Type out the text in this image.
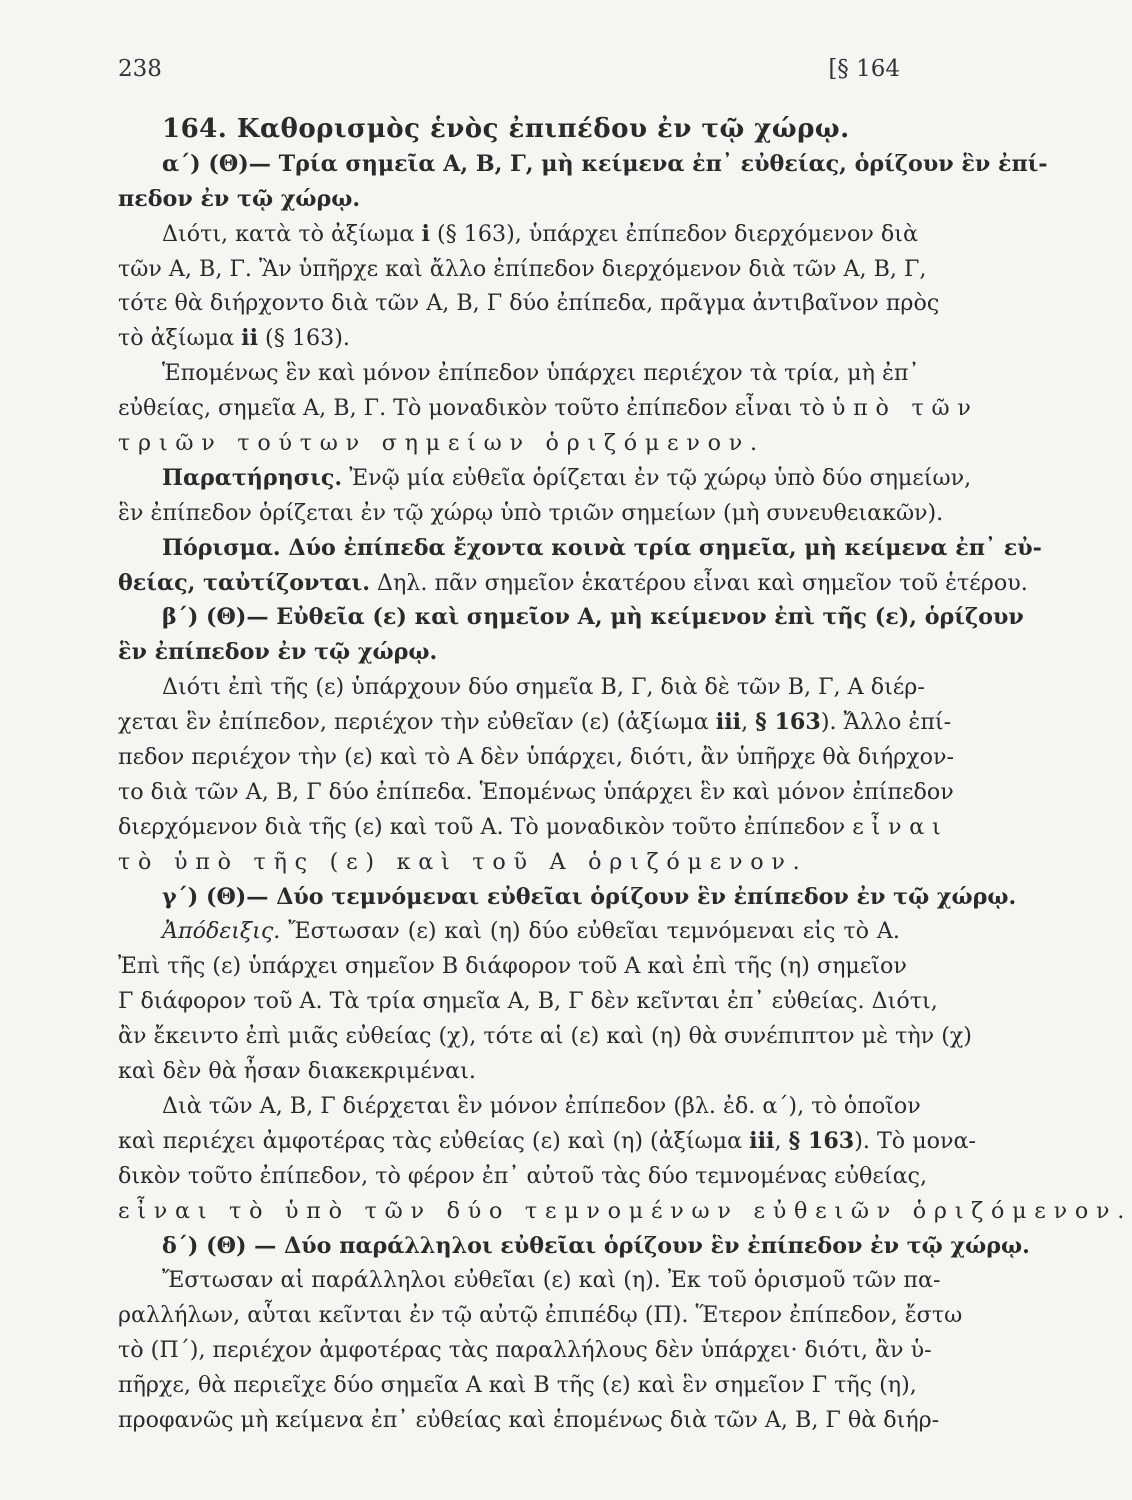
238	[§ 164
164. Καθορισμὸς ἑνὸς ἐπιπέδου ἐν τῷ χώρῳ.
α΄) (Θ)— Τρία σημεῖα Α, Β, Γ, μὴ κείμενα ἐπ᾽ εὐθείας, ὁρίζουν ἓν ἐπί-
πεδον ἐν τῷ χώρῳ.
Διότι, κατὰ τὸ ἀξίωμα i (§ 163), ὑπάρχει ἐπίπεδον διερχόμενον διὰ
τῶν Α, Β, Γ. Ἂν ὑπῆρχε καὶ ἄλλο ἐπίπεδον διερχόμενον διὰ τῶν Α, Β, Γ,
τότε θὰ διήρχοντο διὰ τῶν Α, Β, Γ δύο ἐπίπεδα, πρᾶγμα ἀντιβαῖνον πρὸς
τὸ ἀξίωμα ii (§ 163).
Ἑπομένως ἓν καὶ μόνον ἐπίπεδον ὑπάρχει περιέχον τὰ τρία, μὴ ἐπ᾽
εὐθείας, σημεῖα Α, Β, Γ. Τὸ μοναδικὸν τοῦτο ἐπίπεδον εἶναι τὸ ὑπὸ τῶν
τριῶν τούτων σημείων ὁριζόμενον.
Παρατήρησις. Ἐνῷ μία εὐθεῖα ὁρίζεται ἐν τῷ χώρῳ ὑπὸ δύο σημείων,
ἓν ἐπίπεδον ὁρίζεται ἐν τῷ χώρῳ ὑπὸ τριῶν σημείων (μὴ συνευθειακῶν).
Πόρισμα. Δύο ἐπίπεδα ἔχοντα κοινὰ τρία σημεῖα, μὴ κείμενα ἐπ᾽ εὐ-
θείας, ταὐτίζονται. Δηλ. πᾶν σημεῖον ἑκατέρου εἶναι καὶ σημεῖον τοῦ ἑτέρου.
β΄) (Θ)— Εὐθεῖα (ε) καὶ σημεῖον Α, μὴ κείμενον ἐπὶ τῆς (ε), ὁρίζουν
ἓν ἐπίπεδον ἐν τῷ χώρῳ.
Διότι ἐπὶ τῆς (ε) ὑπάρχουν δύο σημεῖα Β, Γ, διὰ δὲ τῶν Β, Γ, Α διέρ-
χεται ἓν ἐπίπεδον, περιέχον τὴν εὐθεῖαν (ε) (ἀξίωμα iii, § 163). Ἄλλο ἐπί-
πεδον περιέχον τὴν (ε) καὶ τὸ Α δὲν ὑπάρχει, διότι, ἂν ὑπῆρχε θὰ διήρχον-
το διὰ τῶν Α, Β, Γ δύο ἐπίπεδα. Ἑπομένως ὑπάρχει ἓν καὶ μόνον ἐπίπεδον
διερχόμενον διὰ τῆς (ε) καὶ τοῦ Α. Τὸ μοναδικὸν τοῦτο ἐπίπεδον εἶναι
τὸ ὑπὸ τῆς (ε) καὶ τοῦ Α ὁριζόμενον.
γ΄) (Θ)— Δύο τεμνόμεναι εὐθεῖαι ὁρίζουν ἓν ἐπίπεδον ἐν τῷ χώρῳ.
Ἀπόδειξις. Ἔστωσαν (ε) καὶ (η) δύο εὐθεῖαι τεμνόμεναι εἰς τὸ Α.
Ἐπὶ τῆς (ε) ὑπάρχει σημεῖον Β διάφορον τοῦ Α καὶ ἐπὶ τῆς (η) σημεῖον
Γ διάφορον τοῦ Α. Τὰ τρία σημεῖα Α, Β, Γ δὲν κεῖνται ἐπ᾽ εὐθείας. Διότι,
ἂν ἔκειντο ἐπὶ μιᾶς εὐθείας (χ), τότε αἱ (ε) καὶ (η) θὰ συνέπιπτον μὲ τὴν (χ)
καὶ δὲν θὰ ἦσαν διακεκριμέναι.
Διὰ τῶν Α, Β, Γ διέρχεται ἓν μόνον ἐπίπεδον (βλ. ἐδ. α΄), τὸ ὁποῖον
καὶ περιέχει ἀμφοτέρας τὰς εὐθείας (ε) καὶ (η) (ἀξίωμα iii, § 163). Τὸ μονα-
δικὸν τοῦτο ἐπίπεδον, τὸ φέρον ἐπ᾽ αὐτοῦ τὰς δύο τεμνομένας εὐθείας,
εἶναι τὸ ὑπὸ τῶν δύο τεμνομένων εὐθειῶν ὁριζόμενον.
δ΄) (Θ) — Δύο παράλληλοι εὐθεῖαι ὁρίζουν ἓν ἐπίπεδον ἐν τῷ χώρῳ.
Ἔστωσαν αἱ παράλληλοι εὐθεῖαι (ε) καὶ (η). Ἐκ τοῦ ὁρισμοῦ τῶν πα-
ραλλήλων, αὗται κεῖνται ἐν τῷ αὐτῷ ἐπιπέδῳ (Π). Ἕτερον ἐπίπεδον, ἔστω
τὸ (Π΄), περιέχον ἀμφοτέρας τὰς παραλλήλους δὲν ὑπάρχει· διότι, ἂν ὑ-
πῆρχε, θὰ περιεῖχε δύο σημεῖα Α καὶ Β τῆς (ε) καὶ ἓν σημεῖον Γ τῆς (η),
προφανῶς μὴ κείμενα ἐπ᾽ εὐθείας καὶ ἑπομένως διὰ τῶν Α, Β, Γ θὰ διήρ-
